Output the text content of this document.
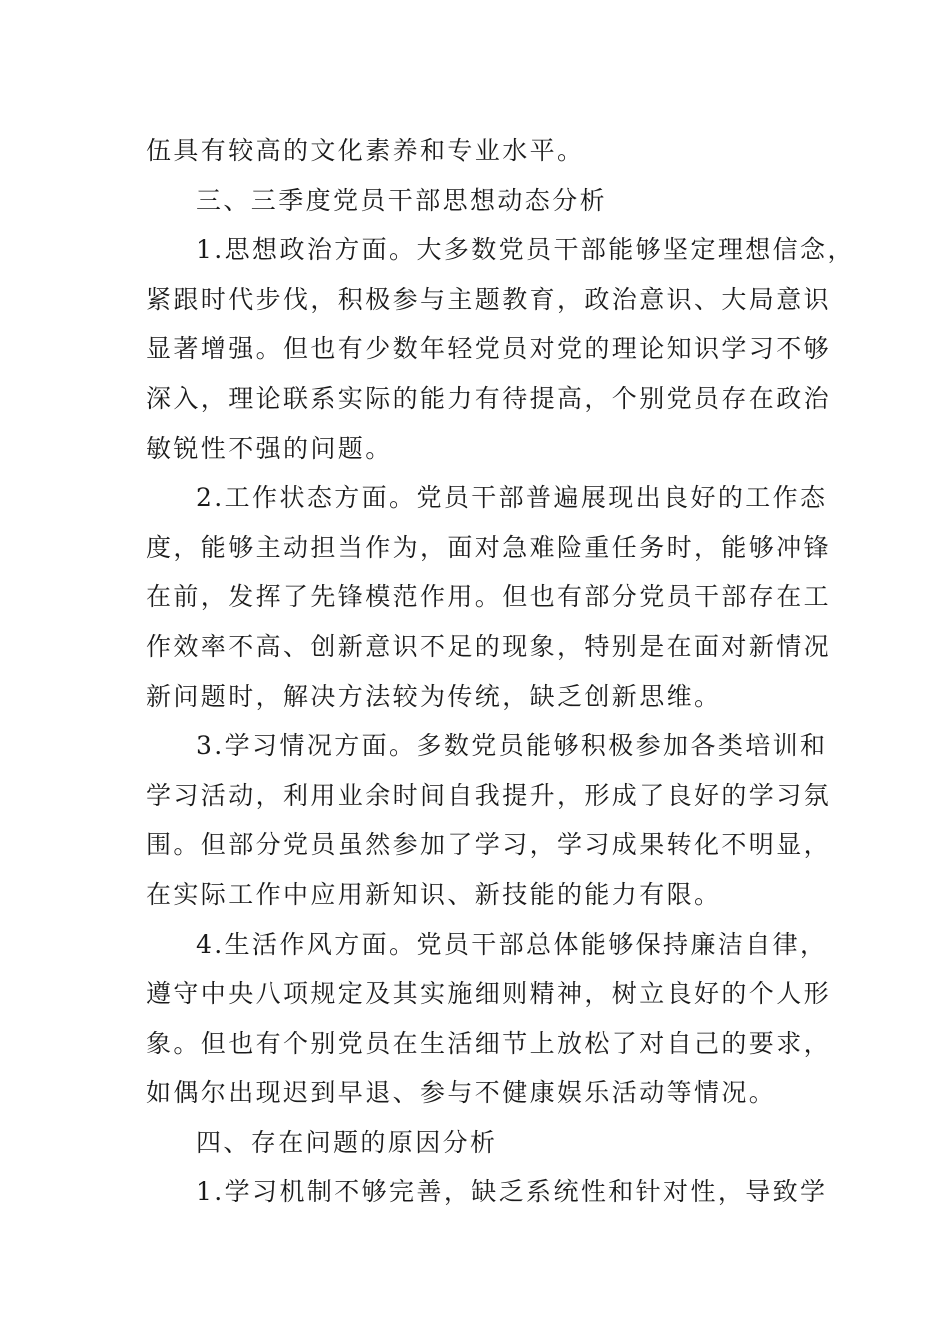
伍具有较高的文化素养和专业水平。
三、三季度党员干部思想动态分析
1.思想政治方面。大多数党员干部能够坚定理想信念，
紧跟时代步伐，积极参与主题教育，政治意识、大局意识
显著增强。但也有少数年轻党员对党的理论知识学习不够
深入，理论联系实际的能力有待提高，个别党员存在政治
敏锐性不强的问题。
2.工作状态方面。党员干部普遍展现出良好的工作态
度，能够主动担当作为，面对急难险重任务时，能够冲锋
在前，发挥了先锋模范作用。但也有部分党员干部存在工
作效率不高、创新意识不足的现象，特别是在面对新情况
新问题时，解决方法较为传统，缺乏创新思维。
3.学习情况方面。多数党员能够积极参加各类培训和
学习活动，利用业余时间自我提升，形成了良好的学习氛
围。但部分党员虽然参加了学习，学习成果转化不明显，
在实际工作中应用新知识、新技能的能力有限。
4.生活作风方面。党员干部总体能够保持廉洁自律，
遵守中央八项规定及其实施细则精神，树立良好的个人形
象。但也有个别党员在生活细节上放松了对自己的要求，
如偶尔出现迟到早退、参与不健康娱乐活动等情况。
四、存在问题的原因分析
1.学习机制不够完善，缺乏系统性和针对性，导致学
